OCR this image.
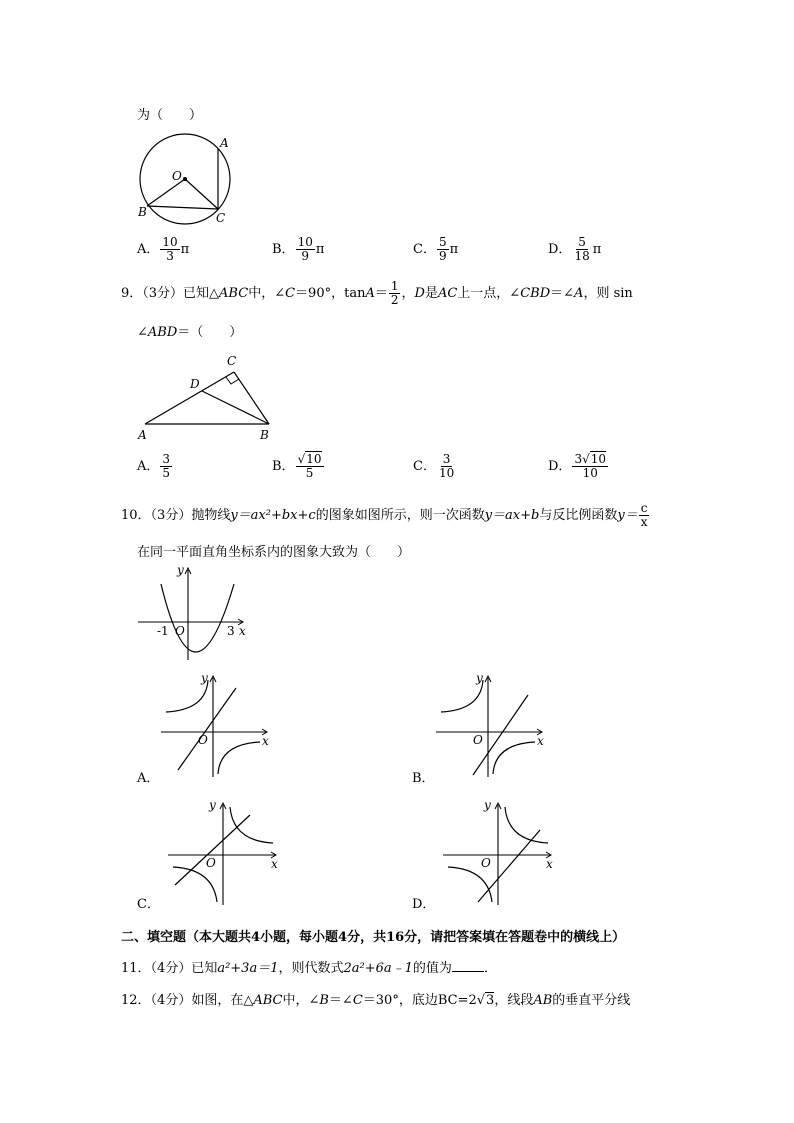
为（　　）
A
O
B	C
A． $\frac{10}{3}$ π	B． $\frac{10}{9}$ π	C． $\frac{5}{9}$ π	D． $\frac{5}{18}$ π
9．（3分）已知△ABC中，∠C＝90°，$\tan A= \frac{1}{2}$ ，D是AC上一点，∠CBD＝∠A，则 sin
∠ABD＝（　　）
C
D
A	B
A． $\frac{3}{5}$	B． $\frac{√10}{5}$	C． $\frac{3}{10}$	D． $\frac{3√10}{10}$
10．（3分）抛物线y＝ax²+bx+c的图象如图所示，则一次函数y＝ax+b与反比例函数$y= \frac{c}{x}$
在同一平面直角坐标系内的图象大致为（　　）
y
-1 O	3 x
y
O	x
A．
y
O	x
B．
y
O	x
C．
y
O	x
D．
二、填空题（本大题共4小题，每小题4分，共16分，请把答案填在答题卷中的横线上）
11．（4分）已知a²+3a＝1，则代数式2a²+6a﹣1的值为 ．
12．（4分）如图，在△ABC中，∠B＝∠C＝30°，底边BC=2√3，线段AB的垂直平分线
